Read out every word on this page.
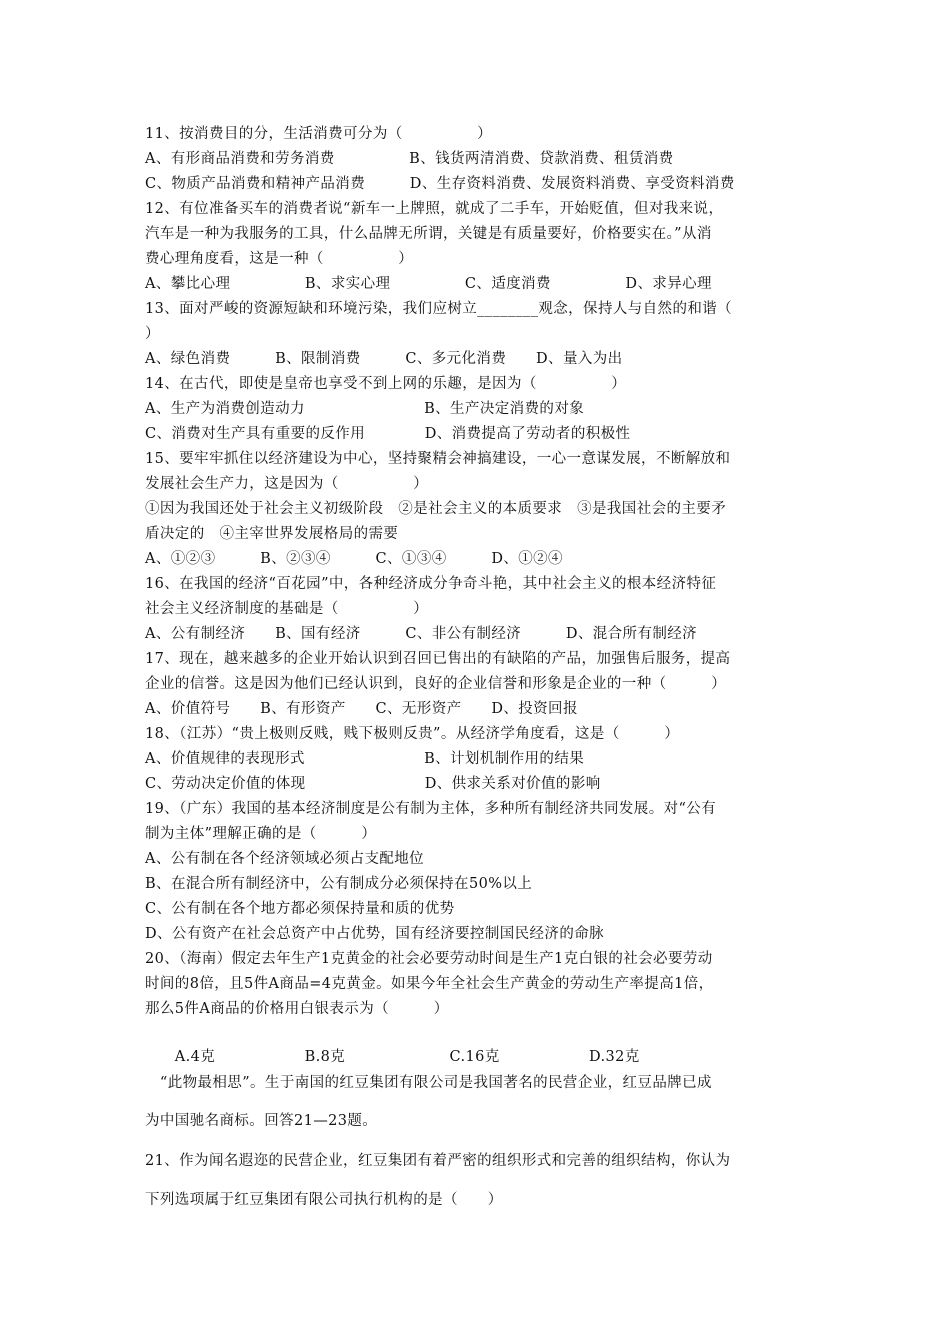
11、按消费目的分，生活消费可分为（　　　　　）
A、有形商品消费和劳务消费　　　　　B、钱货两清消费、贷款消费、租赁消费
C、物质产品消费和精神产品消费　　　D、生存资料消费、发展资料消费、享受资料消费
12、有位准备买车的消费者说“新车一上牌照，就成了二手车，开始贬值，但对我来说，
汽车是一种为我服务的工具，什么品牌无所谓，关键是有质量要好，价格要实在。”从消
费心理角度看，这是一种（　　　　　）
A、攀比心理　　　　　B、求实心理　　　　　C、适度消费　　　　　D、求异心理
13、面对严峻的资源短缺和环境污染，我们应树立________观念，保持人与自然的和谐（
）
A、绿色消费　　　B、限制消费　　　C、多元化消费　　D、量入为出
14、在古代，即使是皇帝也享受不到上网的乐趣，是因为（　　　　　）
A、生产为消费创造动力　　　　　　　　B、生产决定消费的对象
C、消费对生产具有重要的反作用　　　　D、消费提高了劳动者的积极性
15、要牢牢抓住以经济建设为中心，坚持聚精会神搞建设，一心一意谋发展，不断解放和
发展社会生产力，这是因为（　　　　　）
①因为我国还处于社会主义初级阶段　②是社会主义的本质要求　③是我国社会的主要矛
盾决定的　④主宰世界发展格局的需要
A、①②③　　　B、②③④　　　C、①③④　　　D、①②④
16、在我国的经济“百花园”中，各种经济成分争奇斗艳，其中社会主义的根本经济特征
社会主义经济制度的基础是（　　　　　）
A、公有制经济　　B、国有经济　　　C、非公有制经济　　　D、混合所有制经济
17、现在，越来越多的企业开始认识到召回已售出的有缺陷的产品，加强售后服务，提高
企业的信誉。这是因为他们已经认识到，良好的企业信誉和形象是企业的一种（　　　）
A、价值符号　　B、有形资产　　C、无形资产　　D、投资回报
18、（江苏）“贵上极则反贱，贱下极则反贵”。从经济学角度看，这是（　　　）
A、价值规律的表现形式　　　　　　　　B、计划机制作用的结果
C、劳动决定价值的体现　　　　　　　　D、供求关系对价值的影响
19、（广东）我国的基本经济制度是公有制为主体，多种所有制经济共同发展。对“公有
制为主体”理解正确的是（　　　）
A、公有制在各个经济领域必须占支配地位
B、在混合所有制经济中，公有制成分必须保持在50%以上
C、公有制在各个地方都必须保持量和质的优势
D、公有资产在社会总资产中占优势，国有经济要控制国民经济的命脉
20、（海南）假定去年生产1克黄金的社会必要劳动时间是生产1克白银的社会必要劳动
时间的8倍，且5件A商品=4克黄金。如果今年全社会生产黄金的劳动生产率提高1倍，
那么5件A商品的价格用白银表示为（　　　）
　　A.4克　　　　　　B.8克　　　　　　　C.16克　　　　　　D.32克
　“此物最相思”。生于南国的红豆集团有限公司是我国著名的民营企业，红豆品牌已成
为中国驰名商标。回答21—23题。
21、作为闻名遐迩的民营企业，红豆集团有着严密的组织形式和完善的组织结构，你认为
下列选项属于红豆集团有限公司执行机构的是（　　）
